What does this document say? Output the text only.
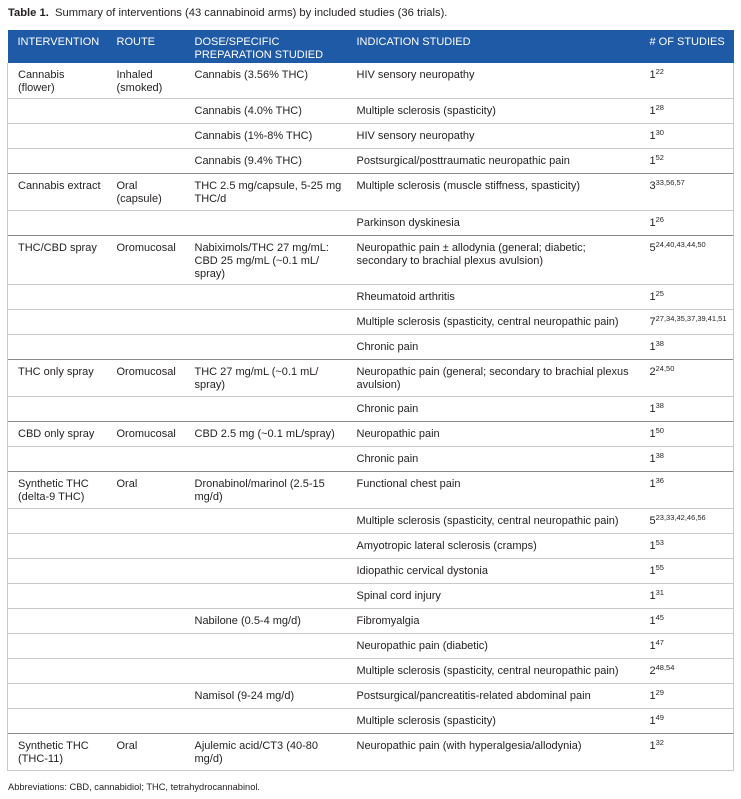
Table 1. Summary of interventions (43 cannabinoid arms) by included studies (36 trials).
INTERVENTION	ROUTE	DOSE/SPECIFIC PREPARATION STUDIED	INDICATION STUDIED	# OF STUDIES
Cannabis (flower)	Inhaled (smoked)	Cannabis (3.56% THC)	HIV sensory neuropathy	$1^{22}$
		Cannabis (4.0% THC)	Multiple sclerosis (spasticity)	$1^{28}$
		Cannabis (1%-8% THC)	HIV sensory neuropathy	$1^{30}$
		Cannabis (9.4% THC)	Postsurgical/posttraumatic neuropathic pain	$1^{52}$
Cannabis extract	Oral (capsule)	THC 2.5 mg/capsule, 5-25 mg THC/d	Multiple sclerosis (muscle stiffness, spasticity)	3$^{33,56,57}$
			Parkinson dyskinesia	$1^{26}$
THC/CBD spray	Oromucosal	Nabiximols/THC 27 mg/mL: CBD 25 mg/mL (~0.1 mL/ spray)	Neuropathic pain ± allodynia (general; diabetic; secondary to brachial plexus avulsion)	5$^{24,40,43,44,50}$
			Rheumatoid arthritis	$1^{25}$
			Multiple sclerosis (spasticity, central neuropathic pain)	7$^{27,34,35,37,39,41,51}$
			Chronic pain	$1^{38}$
THC only spray	Oromucosal	THC 27 mg/mL (~0.1 mL/ spray)	Neuropathic pain (general; secondary to brachial plexus avulsion)	2$^{24,50}$
			Chronic pain	$1^{38}$
CBD only spray	Oromucosal	CBD 2.5 mg (~0.1 mL/spray)	Neuropathic pain	$1^{50}$
			Chronic pain	$1^{38}$
Synthetic THC (delta-9 THC)	Oral	Dronabinol/marinol (2.5-15 mg/d)	Functional chest pain	$1^{36}$
			Multiple sclerosis (spasticity, central neuropathic pain)	5$^{23,33,42,46,56}$
			Amyotropic lateral sclerosis (cramps)	$1^{53}$
			Idiopathic cervical dystonia	$1^{55}$
			Spinal cord injury	$1^{31}$
		Nabilone (0.5-4 mg/d)	Fibromyalgia	$1^{45}$
			Neuropathic pain (diabetic)	$1^{47}$
			Multiple sclerosis (spasticity, central neuropathic pain)	2$^{48,54}$
		Namisol (9-24 mg/d)	Postsurgical/pancreatitis-related abdominal pain	$1^{29}$
			Multiple sclerosis (spasticity)	$1^{49}$
Synthetic THC (THC-11)	Oral	Ajulemic acid/CT3 (40-80 mg/d)	Neuropathic pain (with hyperalgesia/allodynia)	$1^{32}$
Abbreviations: CBD, cannabidiol; THC, tetrahydrocannabinol.
